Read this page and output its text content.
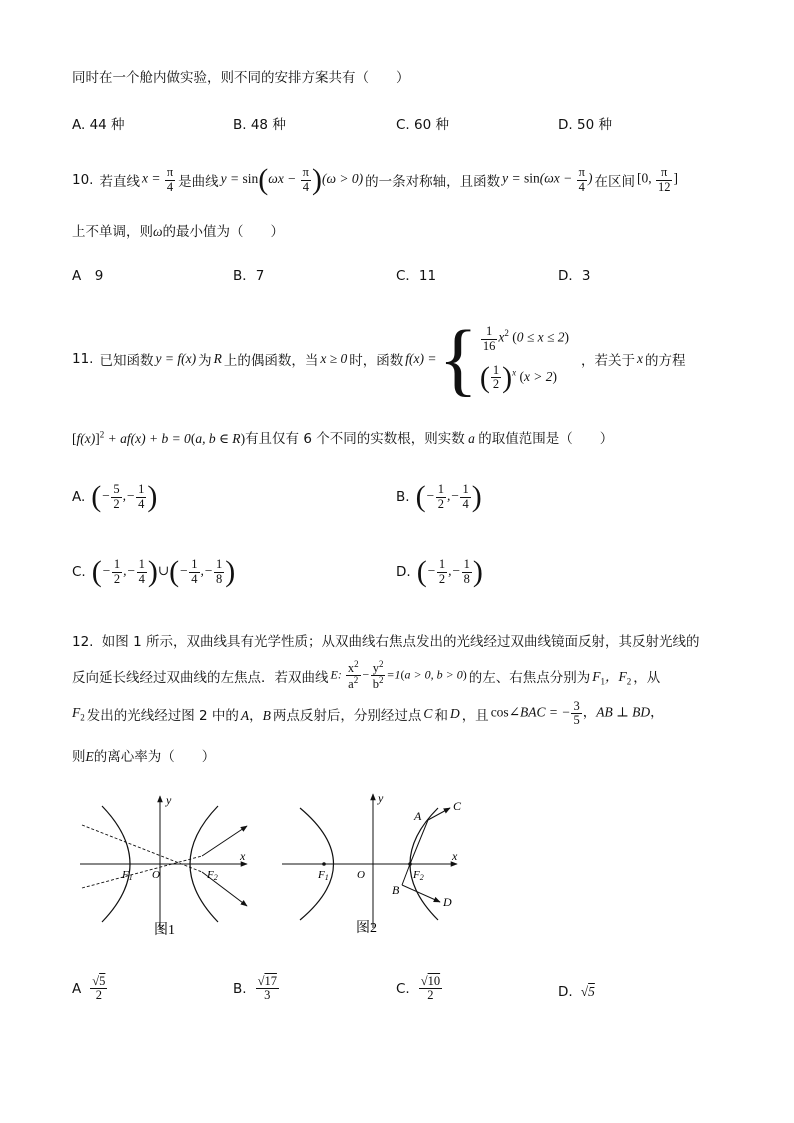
同时在一个舱内做实验，则不同的安排方案共有（　　）
A. 44 种	B. 48 种	C. 60 种	D. 50 种
10. 若直线 $x = \frac{\pi}{4}$ 是曲线 $y = \sin(\omega x - \frac{\pi}{4} )(\omega > 0)$ 的一条对称轴，且函数 $y = \sin(\omega x - \frac{\pi}{4}$ ) 在区间 [0, $\frac{\pi}{12}$ ]
上不单调，则ω的最小值为（　　）
A　9	B．7	C．11	D．3
11. 已知函数 y = f(x) 为 R 上的偶函数，当 x ≥ 0 时，函数 f(x) = { $\frac{1}{16} x^2$ (0 ≤ x ≤ 2)
( $\frac{1}{2} )^x$ (x > 2)
，若关于 x 的方程
$[f(x)]^2 + af(x) + b = 0(a$, b ∈ R)有且仅有 6 个不同的实数根，则实数 a 的取值范围是（　　）
A. (− $\frac{5}{2}$ ,− $\frac{1}{4}$ )	B. (− $\frac{1}{2}$ ,− $\frac{1}{4}$ )
C. (− $\frac{1}{2}$ ,− $\frac{1}{4}$ )∪(− $\frac{1}{4}$ ,− $\frac{1}{8}$ )	D. (− $\frac{1}{2}$ ,− $\frac{1}{8}$ )
12. 如图 1 所示，双曲线具有光学性质；从双曲线右焦点发出的光线经过双曲线镜面反射，其反射光线的
反向延长线经过双曲线的左焦点．若双曲线 E: $\frac{x^2}{a^2} - \frac{y^2}{b^2} =1(a > 0$, b > 0) 的左、右焦点分别为 $F_1$，$F_2$ ，从
$F_2$ 发出的光线经过图 2 中的 A，B 两点反射后，分别经过点 C 和 D ，且 cos∠BAC = − $\frac{3}{5}$ ，AB ⊥ BD，
则E的离心率为（　　）
y
x
F1 O	F2
图1
y
x
A
C
B
D
F1	O	F2
图2
A $\frac{√5}{2}$	B. $\frac{√17}{3}$	C. $\frac{√10}{2}$	D. √5
